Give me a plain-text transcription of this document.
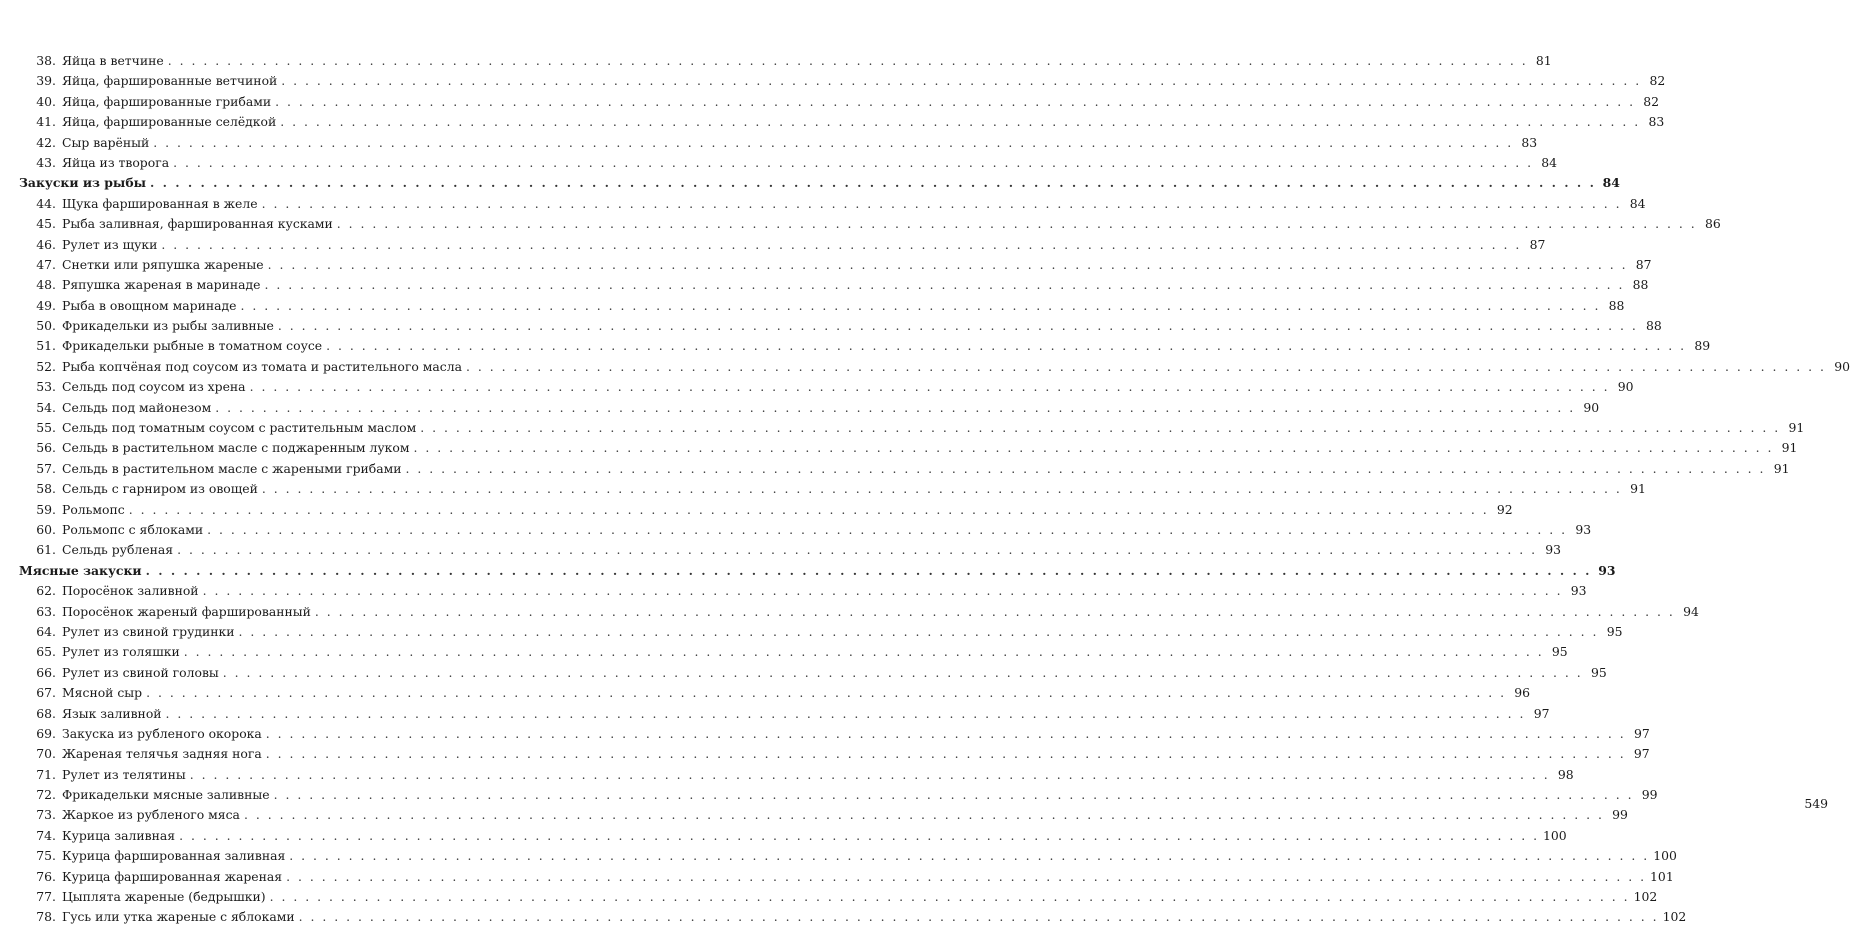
38. Яйца в ветчине . . .	81
39. Яйца, фаршированные ветчиной . . .	82
40. Яйца, фаршированные грибами . . .	82
41. Яйца, фаршированные селёдкой . . .	83
42. Сыр варёный . . .	83
43. Яйца из творога . . .	84
Закуски из рыбы . . .	84
44. Щука фаршированная в желе . . .	84
45. Рыба заливная, фаршированная кусками . . .	86
46. Рулет из щуки . . .	87
47. Снетки или ряпушка жареные . . .	87
48. Ряпушка жареная в маринаде . . .	88
49. Рыба в овощном маринаде . . .	88
50. Фрикадельки из рыбы заливные . . .	88
51. Фрикадельки рыбные в томатном соусе . . .	89
52. Рыба копчёная под соусом из томата и растительного масла . . .	90
53. Сельдь под соусом из хрена . . .	90
54. Сельдь под майонезом . . .	90
55. Сельдь под томатным соусом с растительным маслом . . .	91
56. Сельдь в растительном масле с поджаренным луком . . .	91
57. Сельдь в растительном масле с жареными грибами . . .	91
58. Сельдь с гарниром из овощей . . .	91
59. Рольмопс . . .	92
60. Рольмопс с яблоками . . .	93
61. Сельдь рубленая . . .	93
Мясные закуски . . .	93
62. Поросёнок заливной . . .	93
63. Поросёнок жареный фаршированный . . .	94
64. Рулет из свиной грудинки . . .	95
65. Рулет из голяшки . . .	95
66. Рулет из свиной головы . . .	95
67. Мясной сыр . . .	96
68. Язык заливной . . .	97
69. Закуска из рубленого окорока . . .	97
70. Жареная телячья задняя нога . . .	97
71. Рулет из телятины . . .	98
72. Фрикадельки мясные заливные . . .	99
73. Жаркое из рубленого мяса . . .	99
74. Курица заливная . . .	100
75. Курица фаршированная заливная . . .	100
76. Курица фаршированная жареная . . .	101
77. Цыплята жареные (бедрышки) . . .	102
78. Гусь или утка жареные с яблоками . . .	102
549
